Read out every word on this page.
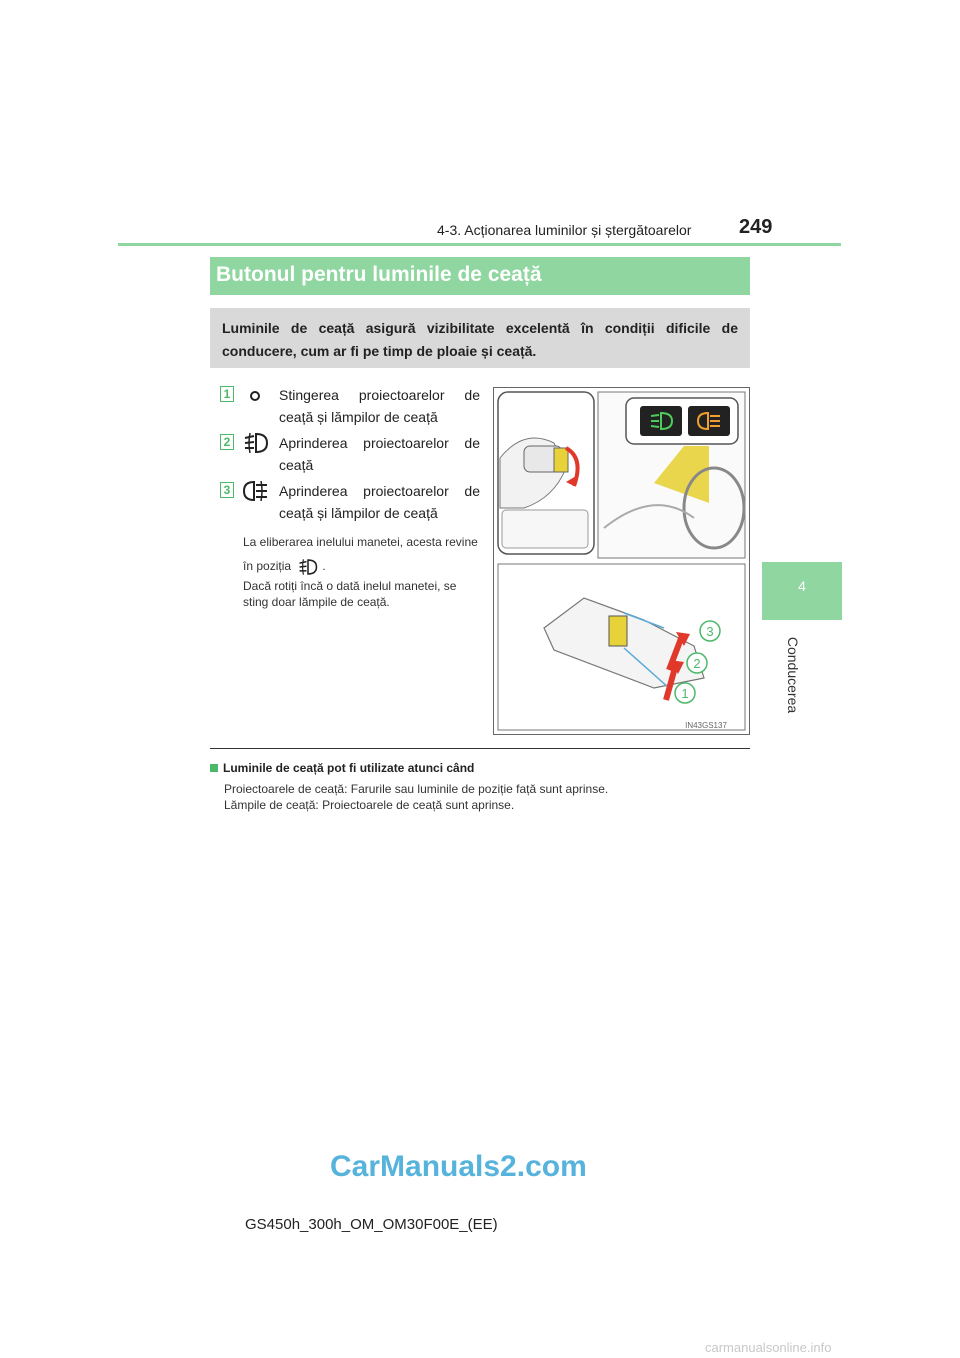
4-3. Acționarea luminilor și ștergătoarelor 249
4
Conducerea
Butonul pentru luminile de ceață
Luminile de ceață asigură vizibilitate excelentă în condiții dificile de conducere, cum ar fi pe timp de ploaie și ceață.
1	Stingerea proiectoarelor de ceață și lămpilor de ceață
2	Aprinderea proiectoarelor de ceață
3	Aprinderea proiectoarelor de ceață și lămpilor de ceață
La eliberarea inelului manetei, acesta revine în poziția	.
Dacă rotiți încă o dată inelul manetei, se sting doar lămpile de ceață.
3
2
1
IN43GS137
Luminile de ceață pot fi utilizate atunci când
Proiectoarele de ceață: Farurile sau luminile de poziție față sunt aprinse.
Lămpile de ceață: Proiectoarele de ceață sunt aprinse.
CarManuals2.com
GS450h_300h_OM_OM30F00E_(EE)
carmanualsonline.info
